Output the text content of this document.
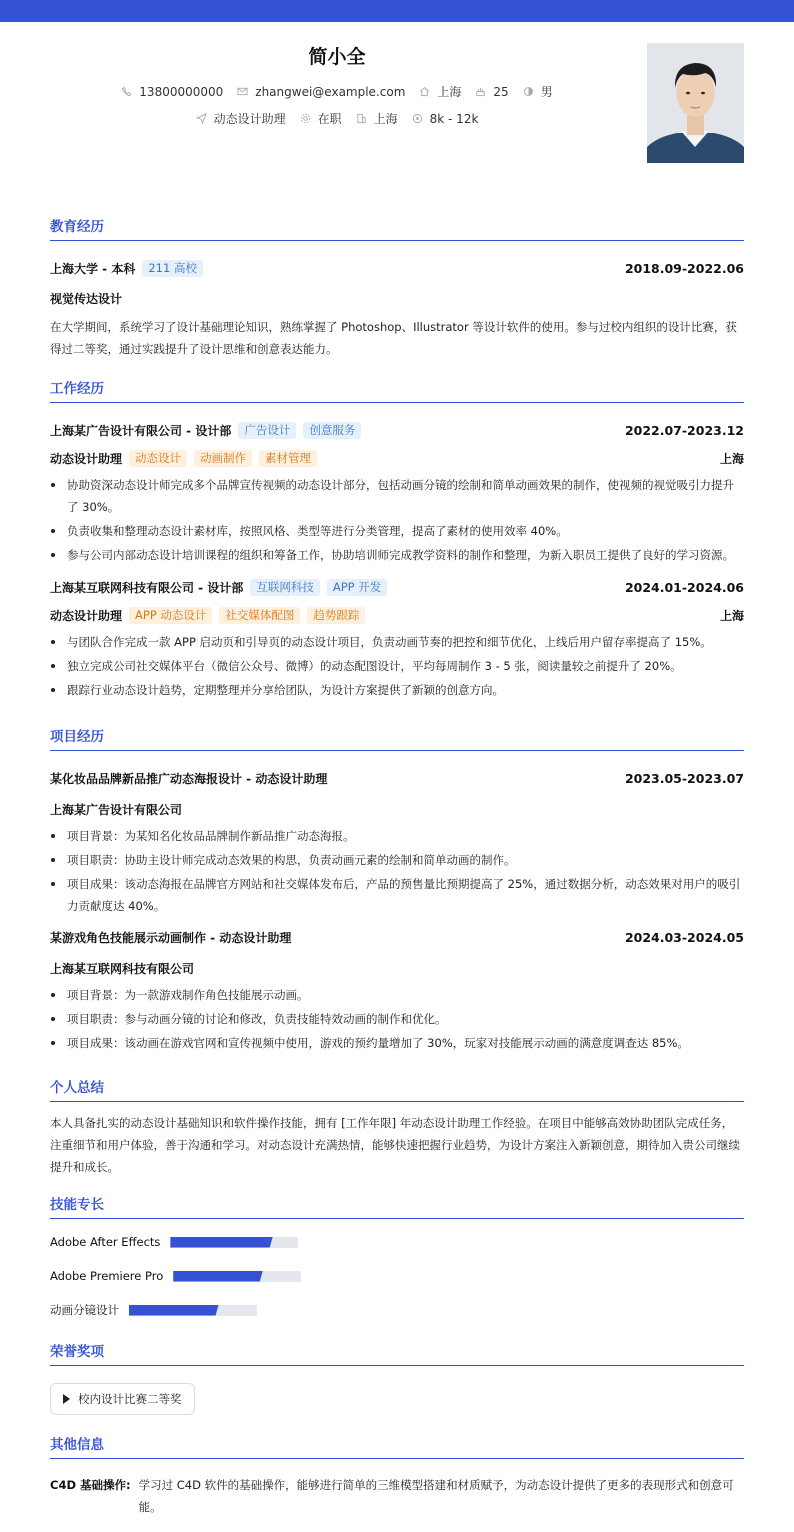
简小全
13800000000	zhangwei@example.com	上海	25	男
动态设计助理	在职	上海	8k - 12k
教育经历
上海大学 - 本科	211 高校	2018.09-2022.06
视觉传达设计
在大学期间，系统学习了设计基础理论知识，熟练掌握了 Photoshop、Illustrator 等设计软件的使用。参与过校内组织的设计比赛，获得过二等奖，通过实践提升了设计思维和创意表达能力。
工作经历
上海某广告设计有限公司 - 设计部	广告设计	创意服务	2022.07-2023.12
动态设计助理	动态设计	动画制作	素材管理	上海
协助资深动态设计师完成多个品牌宣传视频的动态设计部分，包括动画分镜的绘制和简单动画效果的制作，使视频的视觉吸引力提升了 30%。
负责收集和整理动态设计素材库，按照风格、类型等进行分类管理，提高了素材的使用效率 40%。
参与公司内部动态设计培训课程的组织和筹备工作，协助培训师完成教学资料的制作和整理，为新入职员工提供了良好的学习资源。
上海某互联网科技有限公司 - 设计部	互联网科技	APP 开发	2024.01-2024.06
动态设计助理	APP 动态设计	社交媒体配图	趋势跟踪	上海
与团队合作完成一款 APP 启动页和引导页的动态设计项目，负责动画节奏的把控和细节优化，上线后用户留存率提高了 15%。
独立完成公司社交媒体平台（微信公众号、微博）的动态配图设计，平均每周制作 3 - 5 张，阅读量较之前提升了 20%。
跟踪行业动态设计趋势，定期整理并分享给团队，为设计方案提供了新颖的创意方向。
项目经历
某化妆品品牌新品推广动态海报设计 - 动态设计助理	2023.05-2023.07
上海某广告设计有限公司
项目背景：为某知名化妆品品牌制作新品推广动态海报。
项目职责：协助主设计师完成动态效果的构思，负责动画元素的绘制和简单动画的制作。
项目成果：该动态海报在品牌官方网站和社交媒体发布后，产品的预售量比预期提高了 25%，通过数据分析，动态效果对用户的吸引力贡献度达 40%。
某游戏角色技能展示动画制作 - 动态设计助理	2024.03-2024.05
上海某互联网科技有限公司
项目背景：为一款游戏制作角色技能展示动画。
项目职责：参与动画分镜的讨论和修改，负责技能特效动画的制作和优化。
项目成果：该动画在游戏官网和宣传视频中使用，游戏的预约量增加了 30%，玩家对技能展示动画的满意度调查达 85%。
个人总结
本人具备扎实的动态设计基础知识和软件操作技能，拥有 [工作年限] 年动态设计助理工作经验。在项目中能够高效协助团队完成任务，注重细节和用户体验，善于沟通和学习。对动态设计充满热情，能够快速把握行业趋势，为设计方案注入新颖创意，期待加入贵公司继续提升和成长。
技能专长
Adobe After Effects
Adobe Premiere Pro
动画分镜设计
荣誉奖项
校内设计比赛二等奖
其他信息
C4D 基础操作: 学习过 C4D 软件的基础操作，能够进行简单的三维模型搭建和材质赋予，为动态设计提供了更多的表现形式和创意可能。
